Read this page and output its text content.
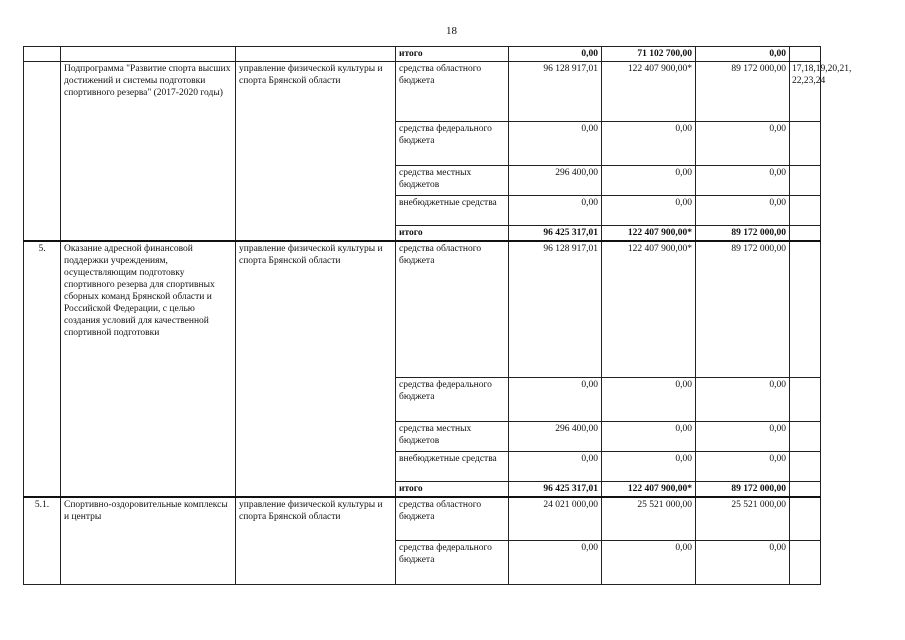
18
			итого	0,00	71 102 700,00	0,00	
	Подпрограмма "Развитие спорта высших достижений и системы подготовки спортивного резерва" (2017-2020 годы)	управление физической культуры и спорта Брянской области	средства областного бюджета	96 128 917,01	122 407 900,00*	89 172 000,00	17,18,19,20,21, 22,23,24
			средства федерального бюджета	0,00	0,00	0,00	
			средства местных бюджетов	296 400,00	0,00	0,00	
			внебюджетные средства	0,00	0,00	0,00	
			итого	96 425 317,01	122 407 900,00*	89 172 000,00	
5.	Оказание адресной финансовой поддержки учреждениям, осуществляющим подготовку спортивного резерва для спортивных сборных команд Брянской области и Российской Федерации, с целью создания условий для качественной спортивной подготовки	управление физической культуры и спорта Брянской области	средства областного бюджета	96 128 917,01	122 407 900,00*	89 172 000,00	
			средства федерального бюджета	0,00	0,00	0,00	
			средства местных бюджетов	296 400,00	0,00	0,00	
			внебюджетные средства	0,00	0,00	0,00	
			итого	96 425 317,01	122 407 900,00*	89 172 000,00	
5.1.	Спортивно-оздоровительные комплексы и центры	управление физической культуры и спорта Брянской области	средства областного бюджета	24 021 000,00	25 521 000,00	25 521 000,00	
			средства федерального бюджета	0,00	0,00	0,00	
